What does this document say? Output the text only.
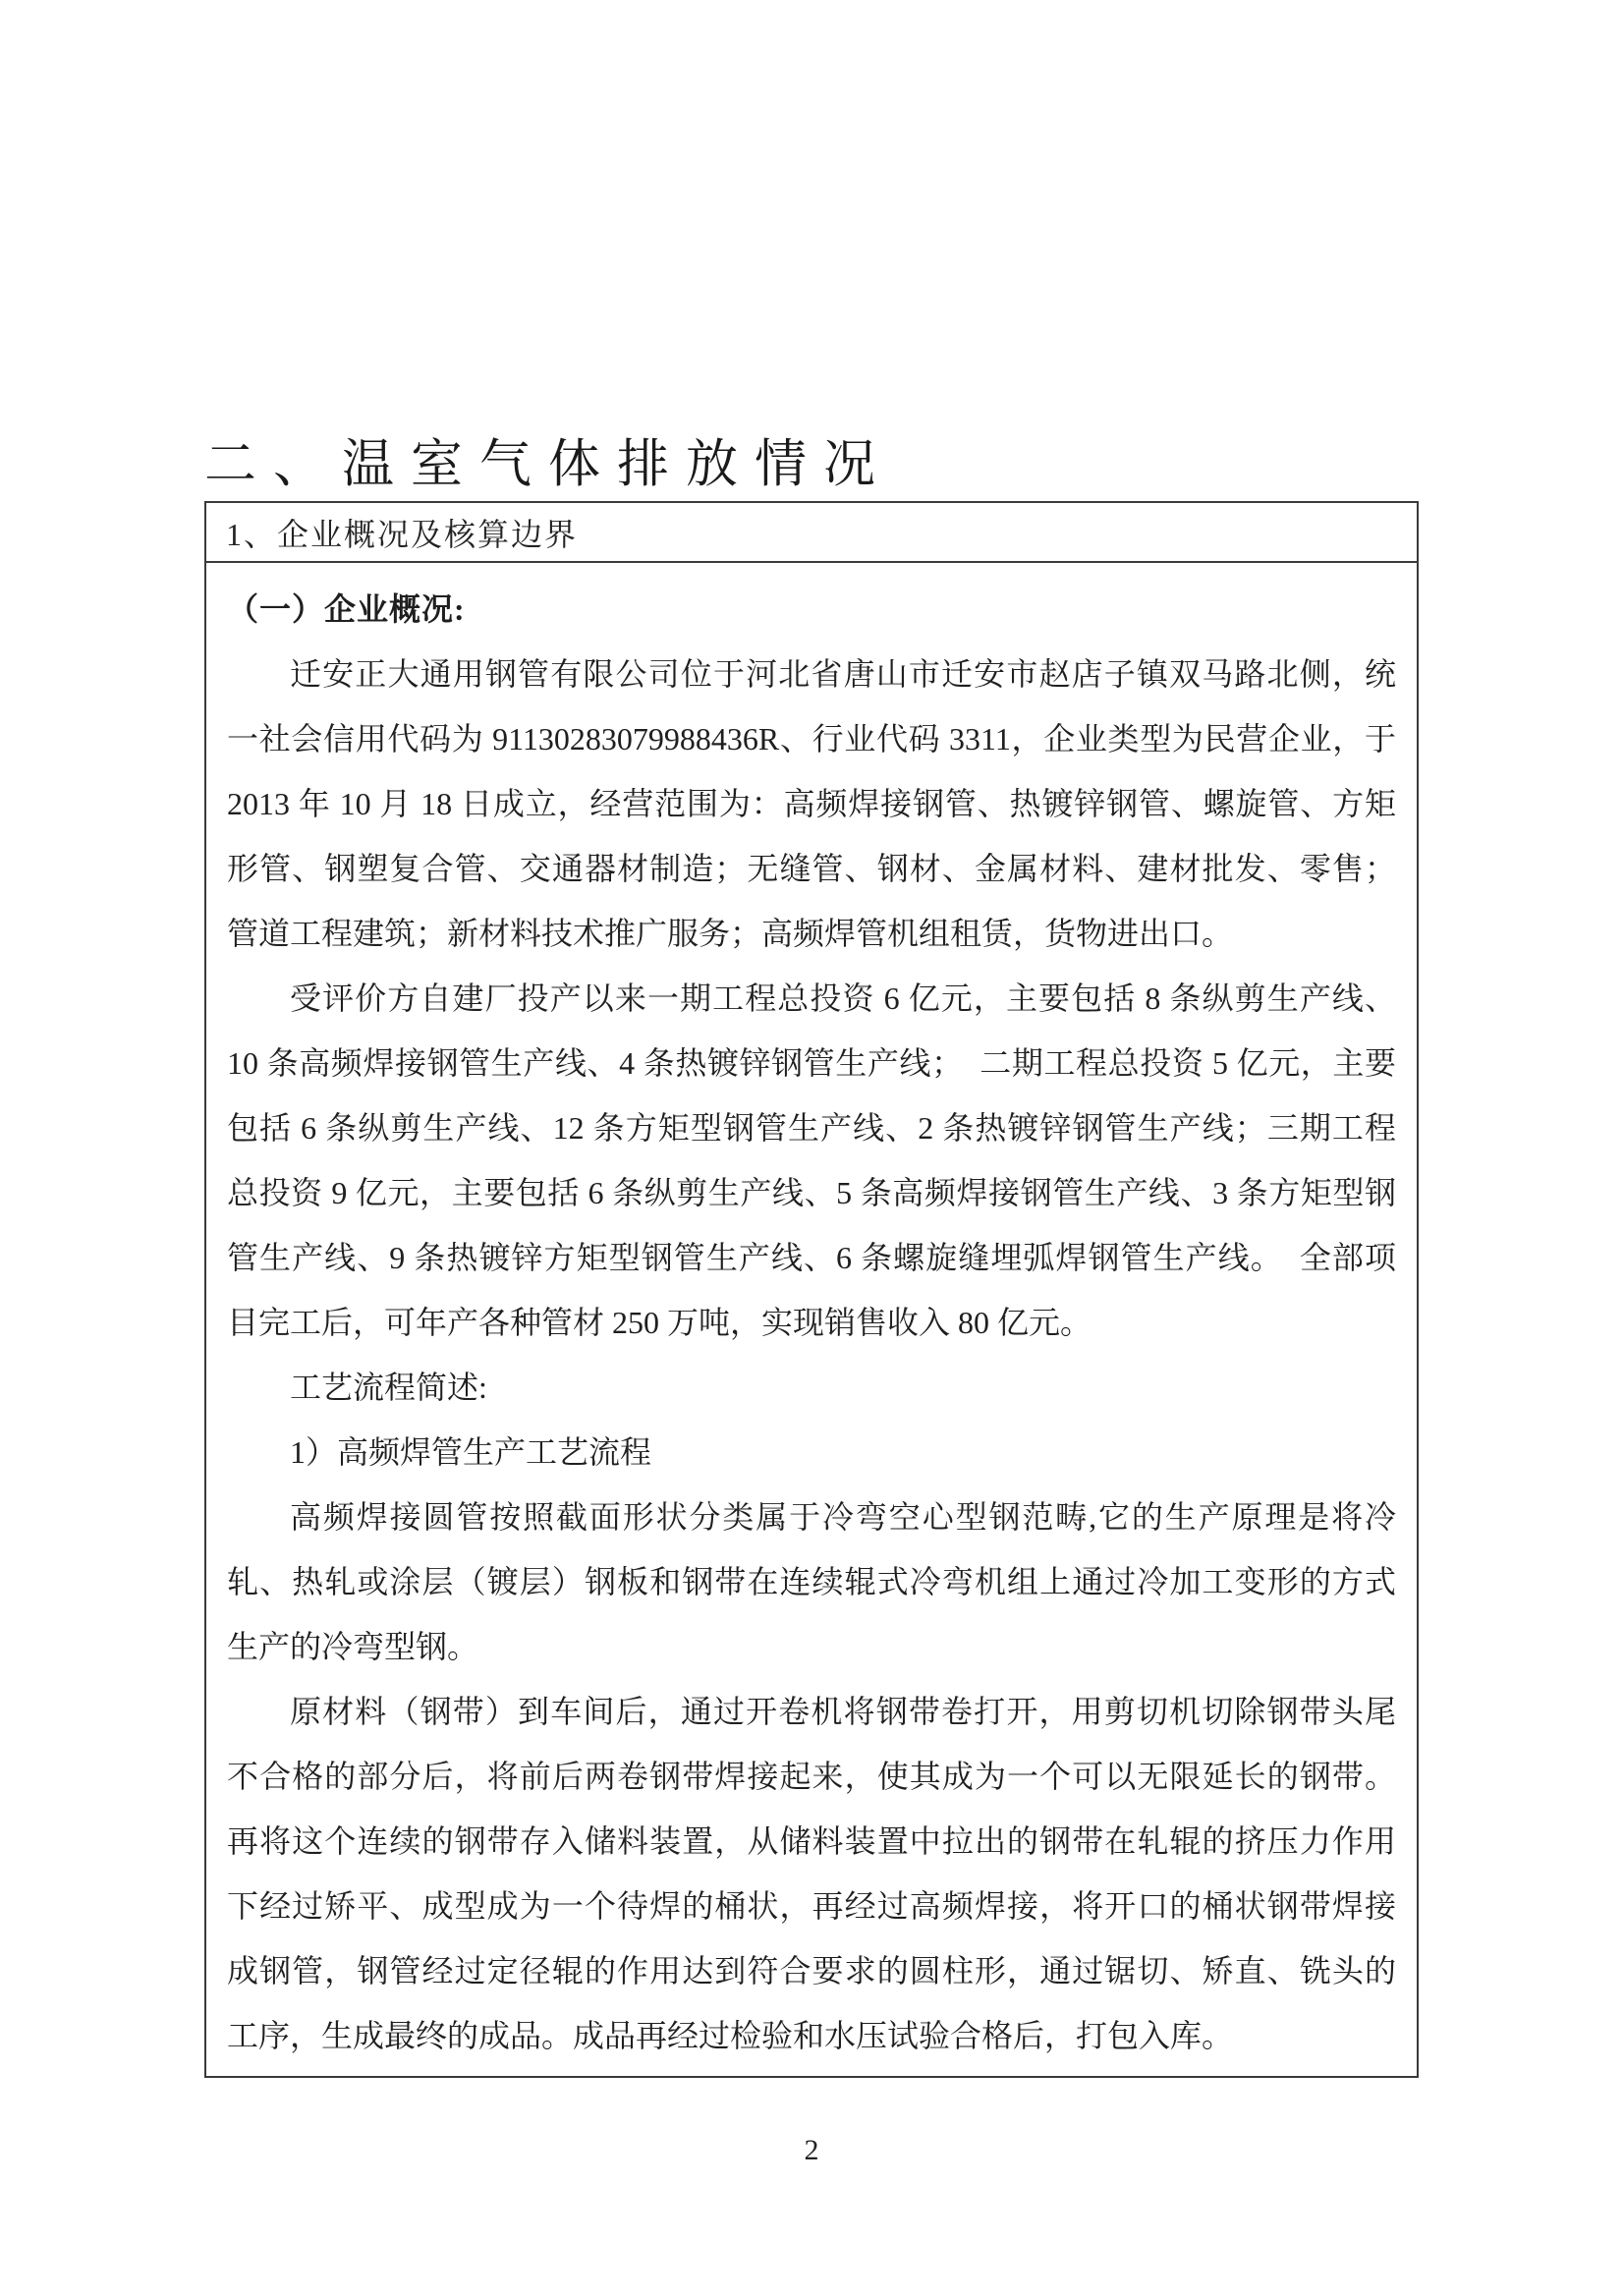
二、温室气体排放情况
1、企业概况及核算边界
（一）企业概况:
迁安正大通用钢管有限公司位于河北省唐山市迁安市赵店子镇双马路北侧，统
一社会信用代码为 91130283079988436R、行业代码 3311，企业类型为民营企业，于
2013 年 10 月 18 日成立，经营范围为：高频焊接钢管、热镀锌钢管、螺旋管、方矩
形管、钢塑复合管、交通器材制造；无缝管、钢材、金属材料、建材批发、零售；
管道工程建筑；新材料技术推广服务；高频焊管机组租赁，货物进出口。
受评价方自建厂投产以来一期工程总投资 6 亿元，主要包括 8 条纵剪生产线、
10 条高频焊接钢管生产线、4 条热镀锌钢管生产线；　二期工程总投资 5 亿元，主要
包括 6 条纵剪生产线、12 条方矩型钢管生产线、2 条热镀锌钢管生产线；三期工程
总投资 9 亿元，主要包括 6 条纵剪生产线、5 条高频焊接钢管生产线、3 条方矩型钢
管生产线、9 条热镀锌方矩型钢管生产线、6 条螺旋缝埋弧焊钢管生产线。　全部项
目完工后，可年产各种管材 250 万吨，实现销售收入 80 亿元。
工艺流程简述:
1）高频焊管生产工艺流程
高频焊接圆管按照截面形状分类属于冷弯空心型钢范畴,它的生产原理是将冷
轧、热轧或涂层（镀层）钢板和钢带在连续辊式冷弯机组上通过冷加工变形的方式
生产的冷弯型钢。
原材料（钢带）到车间后，通过开卷机将钢带卷打开，用剪切机切除钢带头尾
不合格的部分后，将前后两卷钢带焊接起来，使其成为一个可以无限延长的钢带。
再将这个连续的钢带存入储料装置，从储料装置中拉出的钢带在轧辊的挤压力作用
下经过矫平、成型成为一个待焊的桶状，再经过高频焊接，将开口的桶状钢带焊接
成钢管，钢管经过定径辊的作用达到符合要求的圆柱形，通过锯切、矫直、铣头的
工序，生成最终的成品。成品再经过检验和水压试验合格后，打包入库。
2
